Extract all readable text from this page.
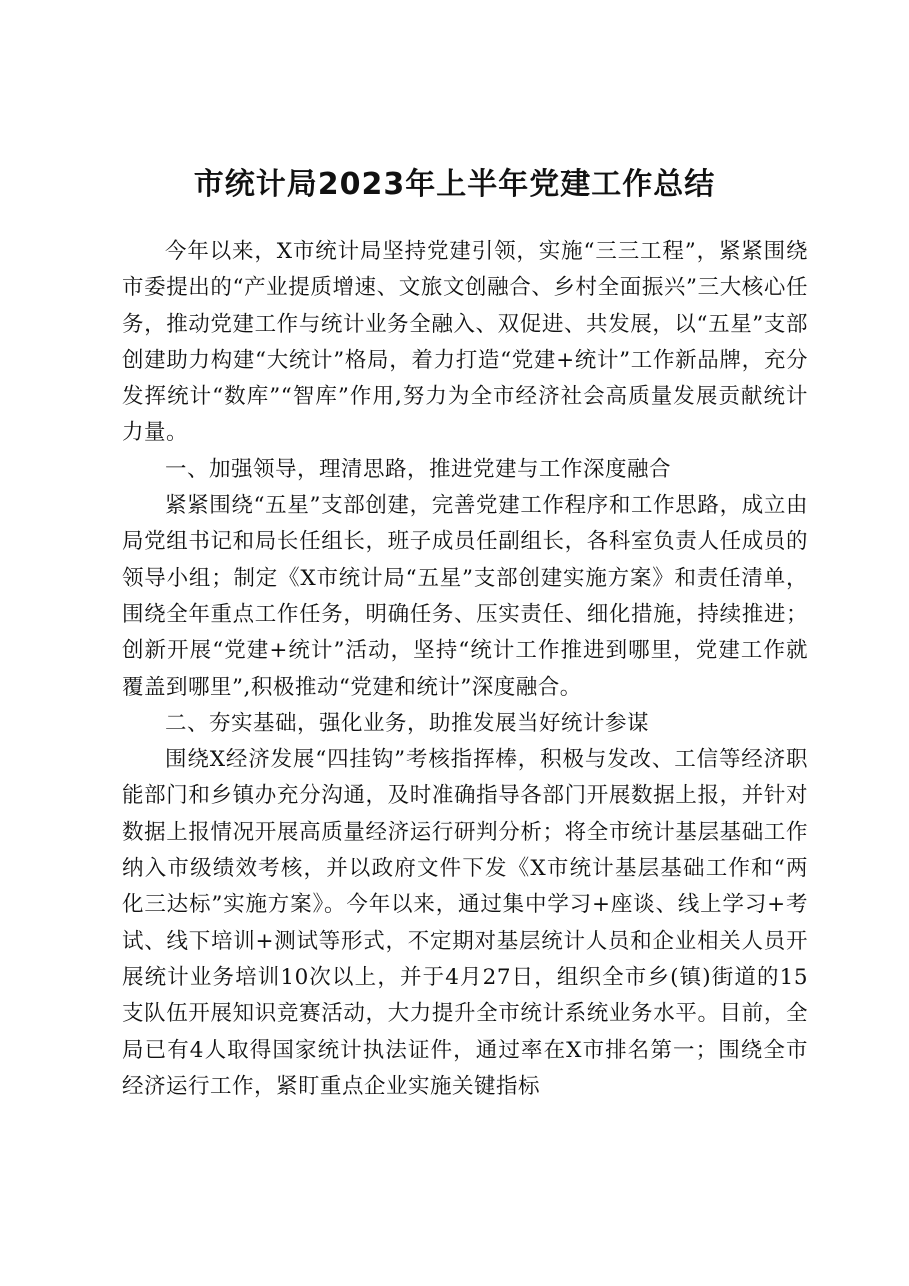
市统计局2023年上半年党建工作总结

今年以来，X市统计局坚持党建引领，实施“三三工程”，紧紧围绕市委提出的“产业提质增速、文旅文创融合、乡村全面振兴”三大核心任务，推动党建工作与统计业务全融入、双促进、共发展，以“五星”支部创建助力构建“大统计”格局，着力打造“党建+统计”工作新品牌，充分发挥统计“数库”“智库”作用,努力为全市经济社会高质量发展贡献统计力量。

一、加强领导，理清思路，推进党建与工作深度融合

紧紧围绕“五星”支部创建，完善党建工作程序和工作思路，成立由局党组书记和局长任组长，班子成员任副组长，各科室负责人任成员的领导小组；制定《X市统计局“五星”支部创建实施方案》和责任清单，围绕全年重点工作任务，明确任务、压实责任、细化措施，持续推进；创新开展“党建+统计”活动，坚持“统计工作推进到哪里，党建工作就覆盖到哪里”,积极推动“党建和统计”深度融合。

二、夯实基础，强化业务，助推发展当好统计参谋

围绕X经济发展“四挂钩”考核指挥棒，积极与发改、工信等经济职能部门和乡镇办充分沟通，及时准确指导各部门开展数据上报，并针对数据上报情况开展高质量经济运行研判分析；将全市统计基层基础工作纳入市级绩效考核，并以政府文件下发《X市统计基层基础工作和“两化三达标”实施方案》。今年以来，通过集中学习+座谈、线上学习+考试、线下培训+测试等形式，不定期对基层统计人员和企业相关人员开展统计业务培训10次以上，并于4月27日，组织全市乡(镇)街道的15支队伍开展知识竞赛活动，大力提升全市统计系统业务水平。目前，全局已有4人取得国家统计执法证件，通过率在X市排名第一；围绕全市经济运行工作，紧盯重点企业实施关键指标
